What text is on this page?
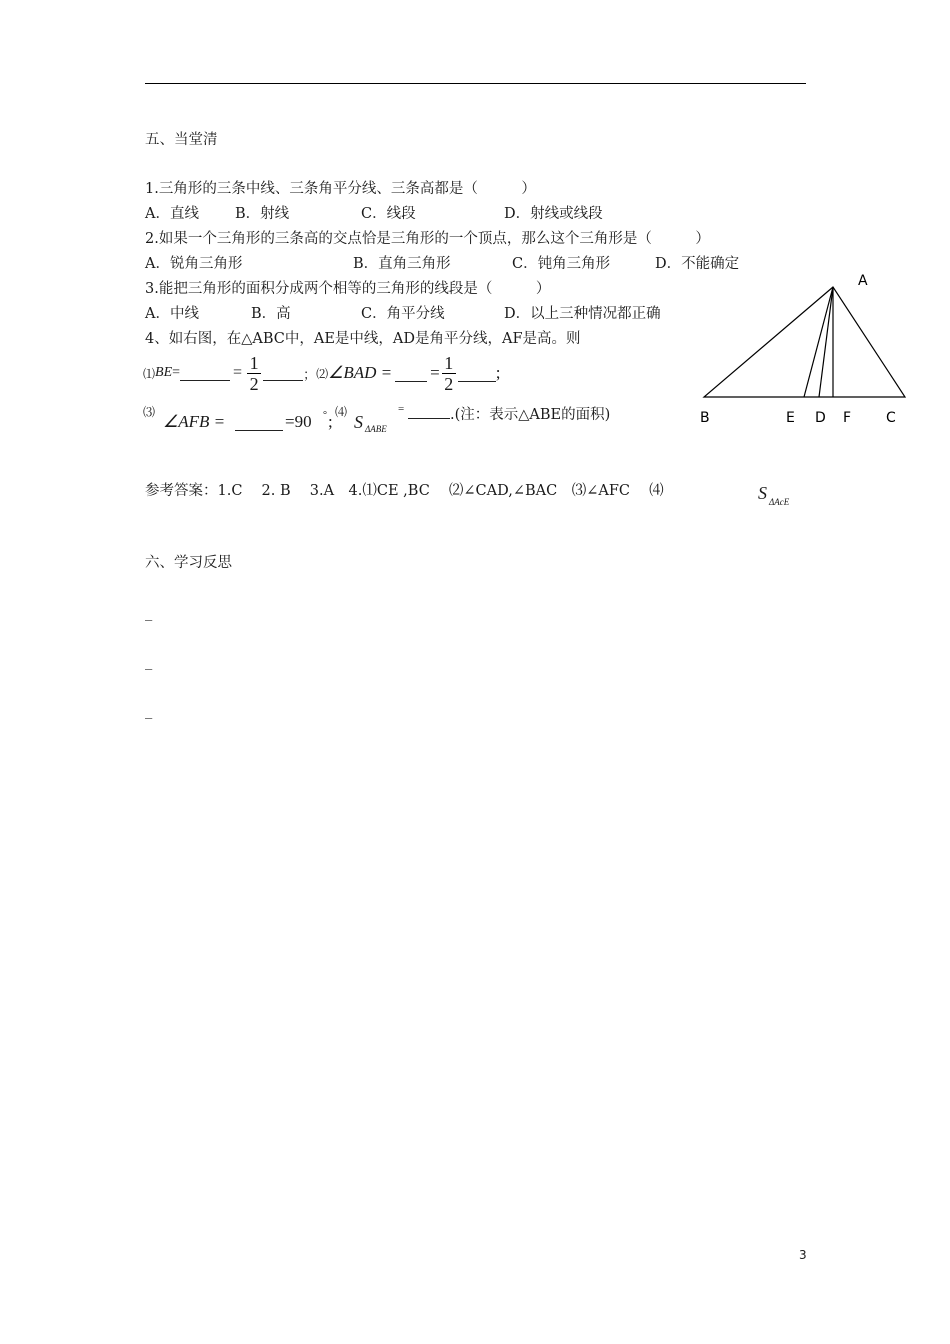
五、当堂清
1.三角形的三条中线、三条角平分线、三条高都是（　　　）
A．直线 B．射线	C．线段	D．射线或线段
2.如果一个三角形的三条高的交点恰是三角形的一个顶点，那么这个三角形是（　　　）
A．锐角三角形	B．直角三角形	C．钝角三角形	D．不能确定
3.能把三角形的面积分成两个相等的三角形的线段是（　　　）
A．中线	B．高	C．角平分线	D．以上三种情况都正确
4、如右图，在△ABC中，AE是中线，AD是角平分线，AF是高。则
⑴ BE =	= $\frac{1}{2}$	； ⑵ ∠BAD = = $\frac{1}{2}$ ;
⑶ ∠AFB =	=90 ° ; ⑷ S ΔABE
=	.(注：表示△ABE的面积)
A
B	E D F C
参考答案：1.C　 2. B　 3.A　4.⑴CE ,BC　 ⑵∠CAD,∠BAC　⑶∠AFC　 ⑷	S ΔAcE
六、学习反思
_
_
_
3
